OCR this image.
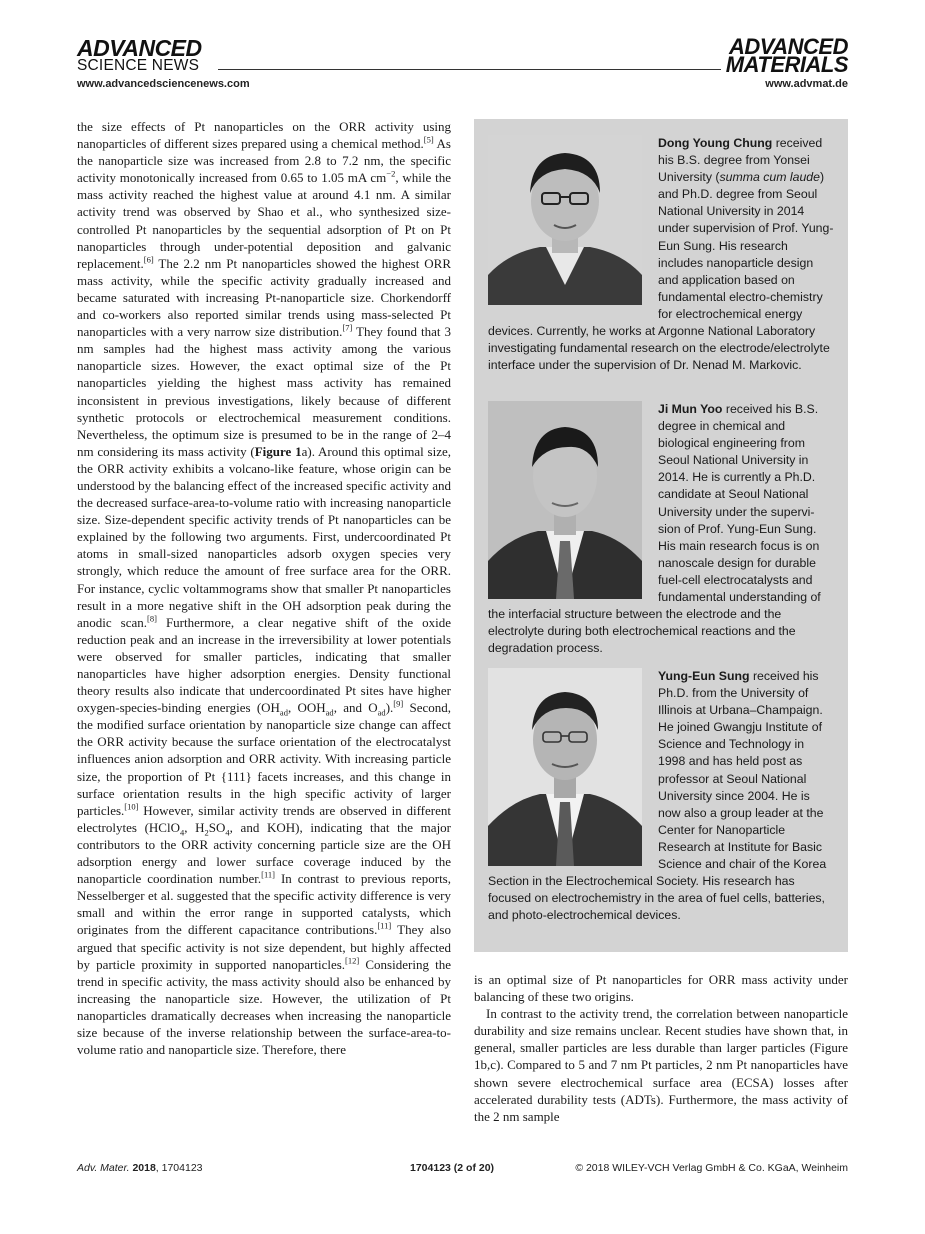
ADVANCED
SCIENCE NEWS
ADVANCED
MATERIALS
www.advancedsciencenews.com	www.advmat.de

the size effects of Pt nanoparticles on the ORR activity using nanoparticles of different sizes prepared using a chemical method.[5] As the nanoparticle size was increased from 2.8 to 7.2 nm, the specific activity monotonically increased from 0.65 to 1.05 mA $cm^{-2}$, while the mass activity reached the highest value at around 4.1 nm. A similar activity trend was observed by Shao et al., who synthesized size-controlled Pt nanoparticles by the sequential adsorption of Pt on Pt nanoparticles through under-potential deposition and galvanic replacement.[6] The 2.2 nm Pt nanoparticles showed the highest ORR mass activity, while the specific activity gradually increased and became saturated with increasing Pt-nanoparticle size. Chorkendorff and co-workers also reported similar trends using mass-selected Pt nanoparticles with a very narrow size distribution.[7] They found that 3 nm samples had the highest mass activity among the various nanoparticle sizes. However, the exact optimal size of the Pt nanoparticles yielding the highest mass activity has remained inconsistent in previous investigations, likely because of different synthetic protocols or electrochemical measurement conditions. Nevertheless, the optimum size is presumed to be in the range of 2–4 nm considering its mass activity (Figure 1a). Around this optimal size, the ORR activity exhibits a volcano-like feature, whose origin can be understood by the balancing effect of the increased specific activity and the decreased surface-area-to-volume ratio with increasing nanoparticle size. Size-dependent specific activity trends of Pt nanoparticles can be explained by the following two arguments. First, undercoordinated Pt atoms in small-sized nanoparticles adsorb oxygen species very strongly, which reduce the amount of free surface area for the ORR. For instance, cyclic voltammograms show that smaller Pt nanoparticles result in a more negative shift in the OH adsorption peak during the anodic scan.[8] Furthermore, a clear negative shift of the oxide reduction peak and an increase in the irreversibility at lower potentials were observed for smaller particles, indicating that smaller nanoparticles have higher adsorption energies. Density functional theory results also indicate that undercoordinated Pt sites have higher oxygen-species-binding energies ($OH_{ad}$, $OOH_{ad}$, and $O_{ad}).[9]$ Second, the modified surface orientation by nanoparticle size change can affect the ORR activity because the surface orientation of the electrocatalyst influences anion adsorption and ORR activity. With increasing particle size, the proportion of Pt {111} facets increases, and this change in surface orientation results in the high specific activity of larger particles.[10] However, similar activity trends are observed in different electrolytes (HClO$_4$, $H_2SO_4$, and KOH), indicating that the major contributors to the ORR activity concerning particle size are the OH adsorption energy and lower surface coverage induced by the nanoparticle coordination number.[11] In contrast to previous reports, Nesselberger et al. suggested that the specific activity difference is very small and within the error range in supported catalysts, which originates from the different capacitance contributions.[11] They also argued that specific activity is not size dependent, but highly affected by particle proximity in supported nanoparticles.[12] Considering the trend in specific activity, the mass activity should also be enhanced by increasing the nanoparticle size. However, the utilization of Pt nanoparticles dramatically decreases when increasing the nanoparticle size because of the inverse relationship between the surface-area-to-volume ratio and nanoparticle size. Therefore, there

Dong Young Chung received his B.S. degree from Yonsei University (summa cum laude) and Ph.D. degree from Seoul National University in 2014 under supervision of Prof. Yung-Eun Sung. His research includes nanoparticle design and application based on fundamental electro-chemistry for electrochemical energy devices. Currently, he works at Argonne National Laboratory investigating fundamental research on the electrode/electrolyte interface under the supervision of Dr. Nenad M. Markovic.
Ji Mun Yoo received his B.S. degree in chemical and biological engineering from Seoul National University in 2014. He is currently a Ph.D. candidate at Seoul National University under the supervi-sion of Prof. Yung-Eun Sung. His main research focus is on nanoscale design for durable fuel-cell electrocatalysts and fundamental understanding of the interfacial structure between the electrode and the electrolyte during both electrochemical reactions and the degradation process.
Yung-Eun Sung received his Ph.D. from the University of Illinois at Urbana–Champaign. He joined Gwangju Institute of Science and Technology in 1998 and has held post as professor at Seoul National University since 2004. He is now also a group leader at the Center for Nanoparticle Research at Institute for Basic Science and chair of the Korea Section in the Electrochemical Society. His research has focused on electrochemistry in the area of fuel cells, batteries, and photo-electrochemical devices.

is an optimal size of Pt nanoparticles for ORR mass activity under balancing of these two origins.

In contrast to the activity trend, the correlation between nanoparticle durability and size remains unclear. Recent studies have shown that, in general, smaller particles are less durable than larger particles (Figure 1b,c). Compared to 5 and 7 nm Pt particles, 2 nm Pt nanoparticles have shown severe electrochemical surface area (ECSA) losses after accelerated durability tests (ADTs). Furthermore, the mass activity of the 2 nm sample

Adv. Mater. 2018, 1704123	1704123 (2 of 20)	© 2018 WILEY-VCH Verlag GmbH & Co. KGaA, Weinheim
